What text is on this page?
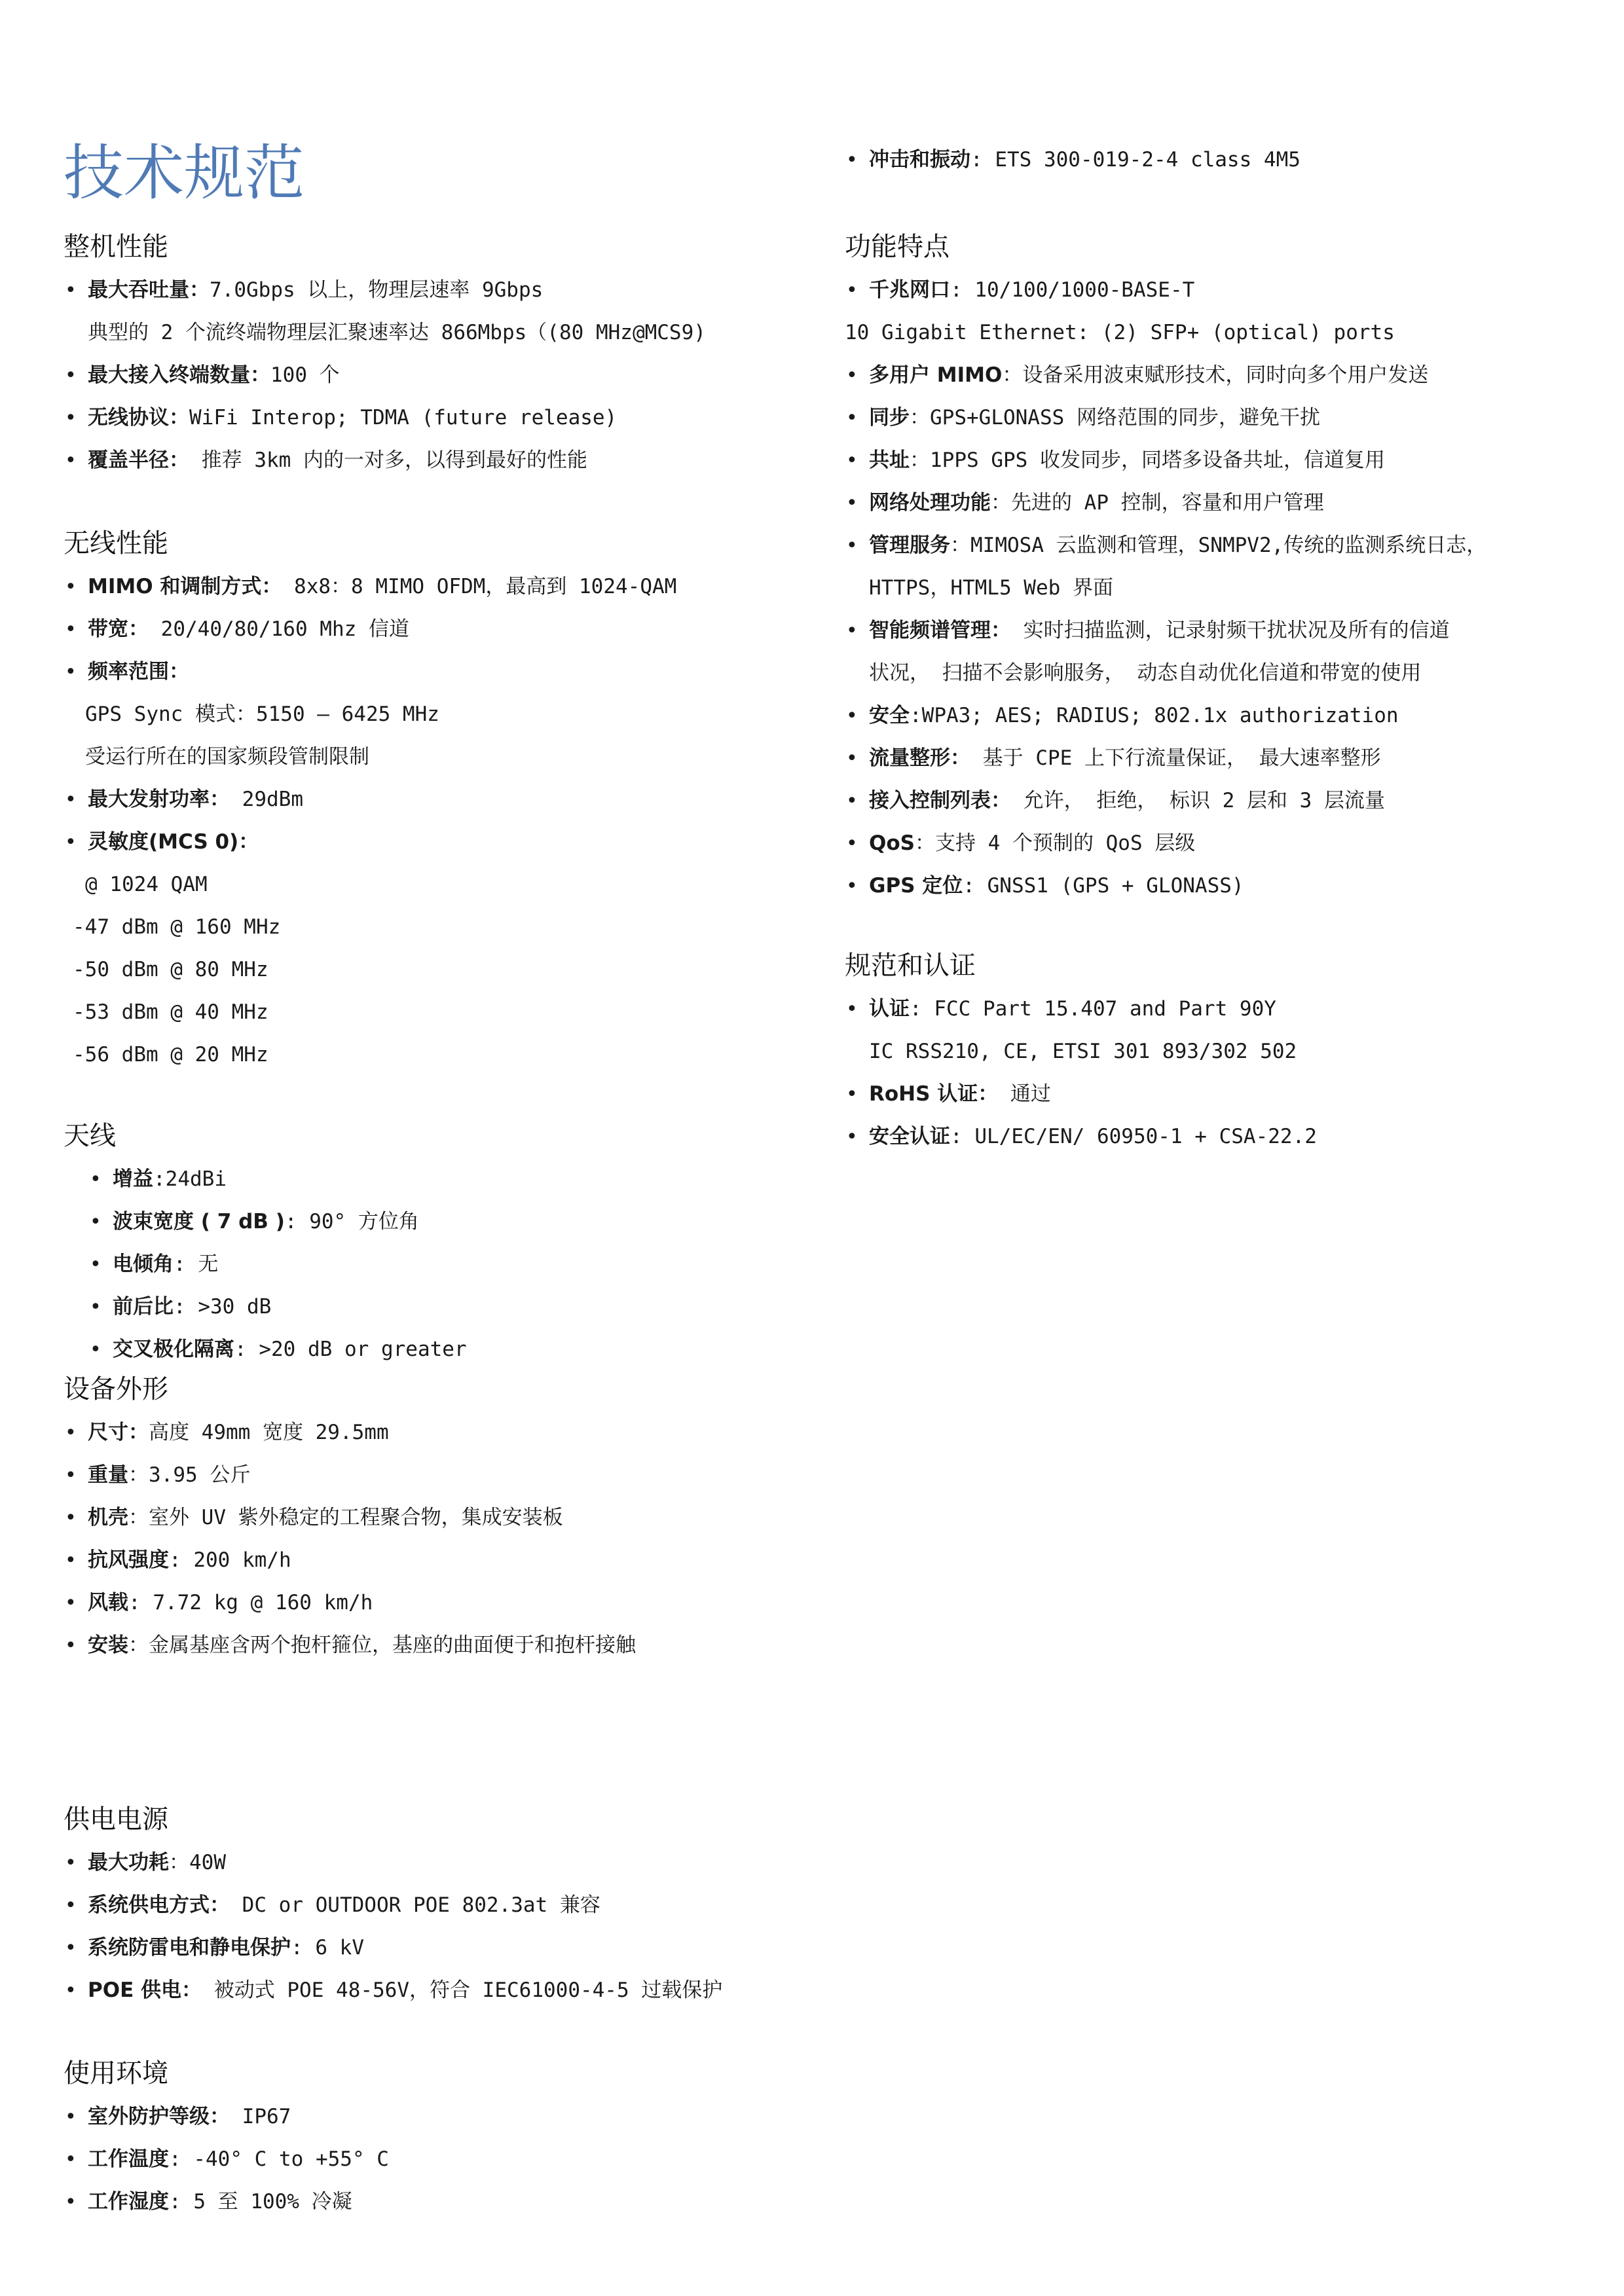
技术规范
整机性能
• 最大吞吐量：7.0Gbps 以上，物理层速率 9Gbps
典型的 2 个流终端物理层汇聚速率达 866Mbps（(80 MHz@MCS9)
• 最大接入终端数量：100 个
• 无线协议：WiFi Interop; TDMA (future release)
• 覆盖半径： 推荐 3km 内的一对多，以得到最好的性能
无线性能
• MIMO 和调制方式： 8x8：8 MIMO OFDM，最高到 1024-QAM
• 带宽： 20/40/80/160 Mhz 信道
• 频率范围：
GPS Sync 模式：5150 – 6425 MHz
受运行所在的国家频段管制限制
• 最大发射功率： 29dBm
• 灵敏度(MCS 0)：
@ 1024 QAM
-47 dBm @ 160 MHz
-50 dBm @ 80 MHz
-53 dBm @ 40 MHz
-56 dBm @ 20 MHz
天线
• 增益:24dBi
• 波束宽度 ( 7 dB ): 90° 方位角
• 电倾角: 无
• 前后比: >30 dB
• 交叉极化隔离: >20 dB or greater
设备外形
• 尺寸：高度 49mm 宽度 29.5mm
• 重量：3.95 公斤
• 机壳：室外 UV 紫外稳定的工程聚合物，集成安装板
• 抗风强度: 200 km/h
• 风载: 7.72 kg @ 160 km/h
• 安装：金属基座含两个抱杆箍位，基座的曲面便于和抱杆接触
供电电源
• 最大功耗：40W
• 系统供电方式： DC or OUTDOOR POE 802.3at 兼容
• 系统防雷电和静电保护: 6 kV
• POE 供电： 被动式 POE 48-56V，符合 IEC61000-4-5 过载保护
使用环境
• 室外防护等级： IP67
• 工作温度: -40° C to +55° C
• 工作湿度: 5 至 100% 冷凝
• 冲击和振动: ETS 300-019-2-4 class 4M5
功能特点
• 千兆网口: 10/100/1000-BASE-T
10 Gigabit Ethernet: (2) SFP+ (optical) ports
• 多用户 MIMO：设备采用波束赋形技术，同时向多个用户发送
• 同步：GPS+GLONASS 网络范围的同步，避免干扰
• 共址：1PPS GPS 收发同步，同塔多设备共址，信道复用
• 网络处理功能：先进的 AP 控制，容量和用户管理
• 管理服务：MIMOSA 云监测和管理，SNMPV2,传统的监测系统日志，
HTTPS，HTML5 Web 界面
• 智能频谱管理： 实时扫描监测，记录射频干扰状况及所有的信道
状况， 扫描不会影响服务， 动态自动优化信道和带宽的使用
• 安全:WPA3; AES; RADIUS; 802.1x authorization
• 流量整形： 基于 CPE 上下行流量保证， 最大速率整形
• 接入控制列表： 允许， 拒绝， 标识 2 层和 3 层流量
• QoS：支持 4 个预制的 QoS 层级
• GPS 定位: GNSS1 (GPS + GLONASS)
规范和认证
• 认证: FCC Part 15.407 and Part 90Y
IC RSS210, CE, ETSI 301 893/302 502
• RoHS 认证： 通过
• 安全认证: UL/EC/EN/ 60950-1 + CSA-22.2
